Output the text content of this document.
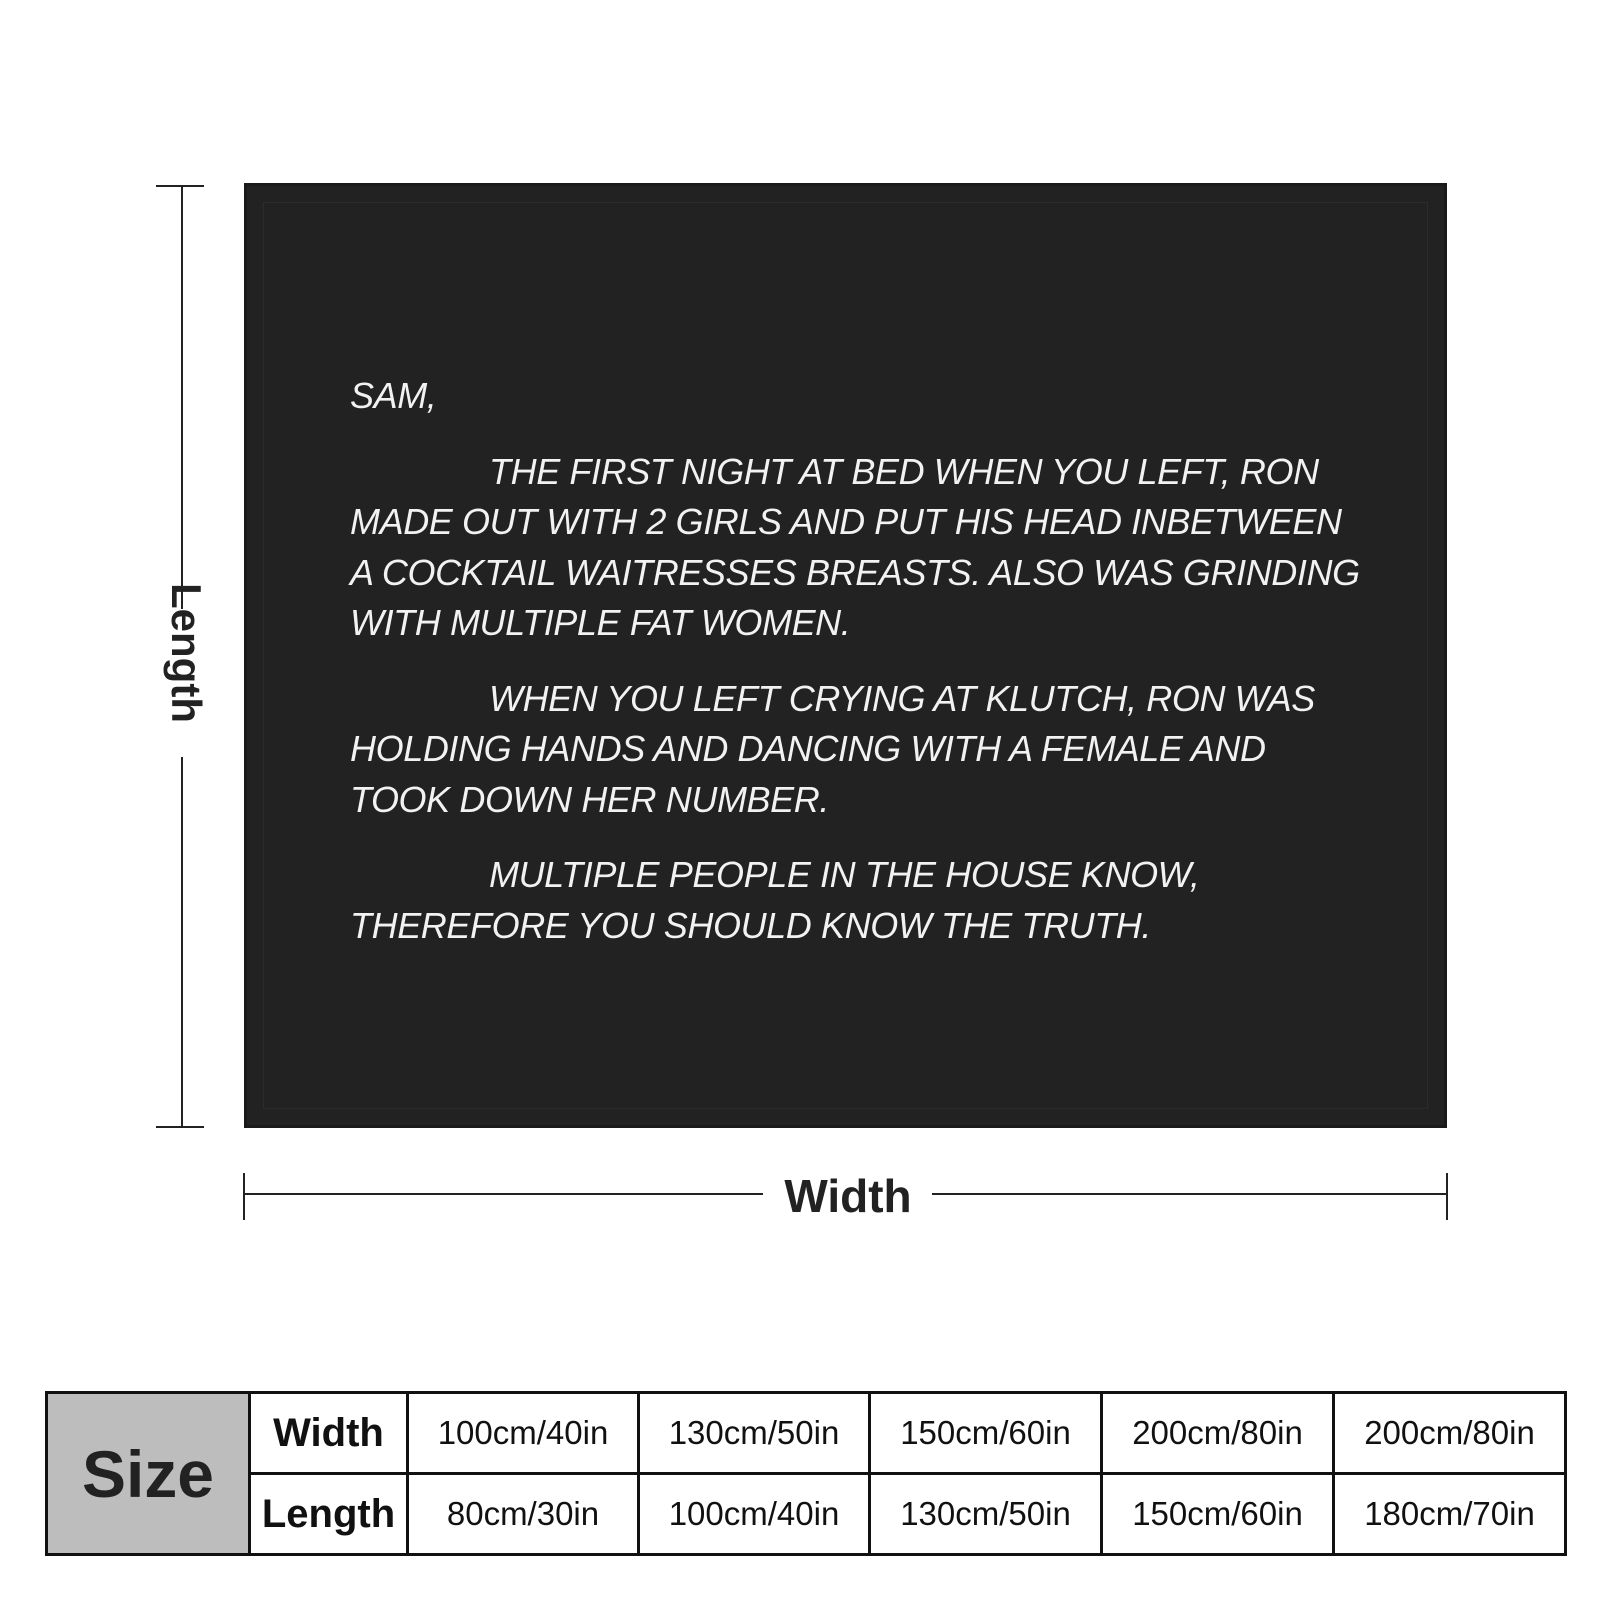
Length
SAM,
THE FIRST NIGHT AT BED WHEN YOU LEFT, RON MADE OUT WITH 2 GIRLS AND PUT HIS HEAD INBETWEEN A COCKTAIL WAITRESSES BREASTS. ALSO WAS GRINDING WITH MULTIPLE FAT WOMEN.
WHEN YOU LEFT CRYING AT KLUTCH, RON WAS HOLDING HANDS AND DANCING WITH A FEMALE AND TOOK DOWN HER NUMBER.
MULTIPLE PEOPLE IN THE HOUSE KNOW, THEREFORE YOU SHOULD KNOW THE TRUTH.
Width
Size	Width	100cm/40in	130cm/50in	150cm/60in	200cm/80in	200cm/80in
	Length	80cm/30in	100cm/40in	130cm/50in	150cm/60in	180cm/70in
